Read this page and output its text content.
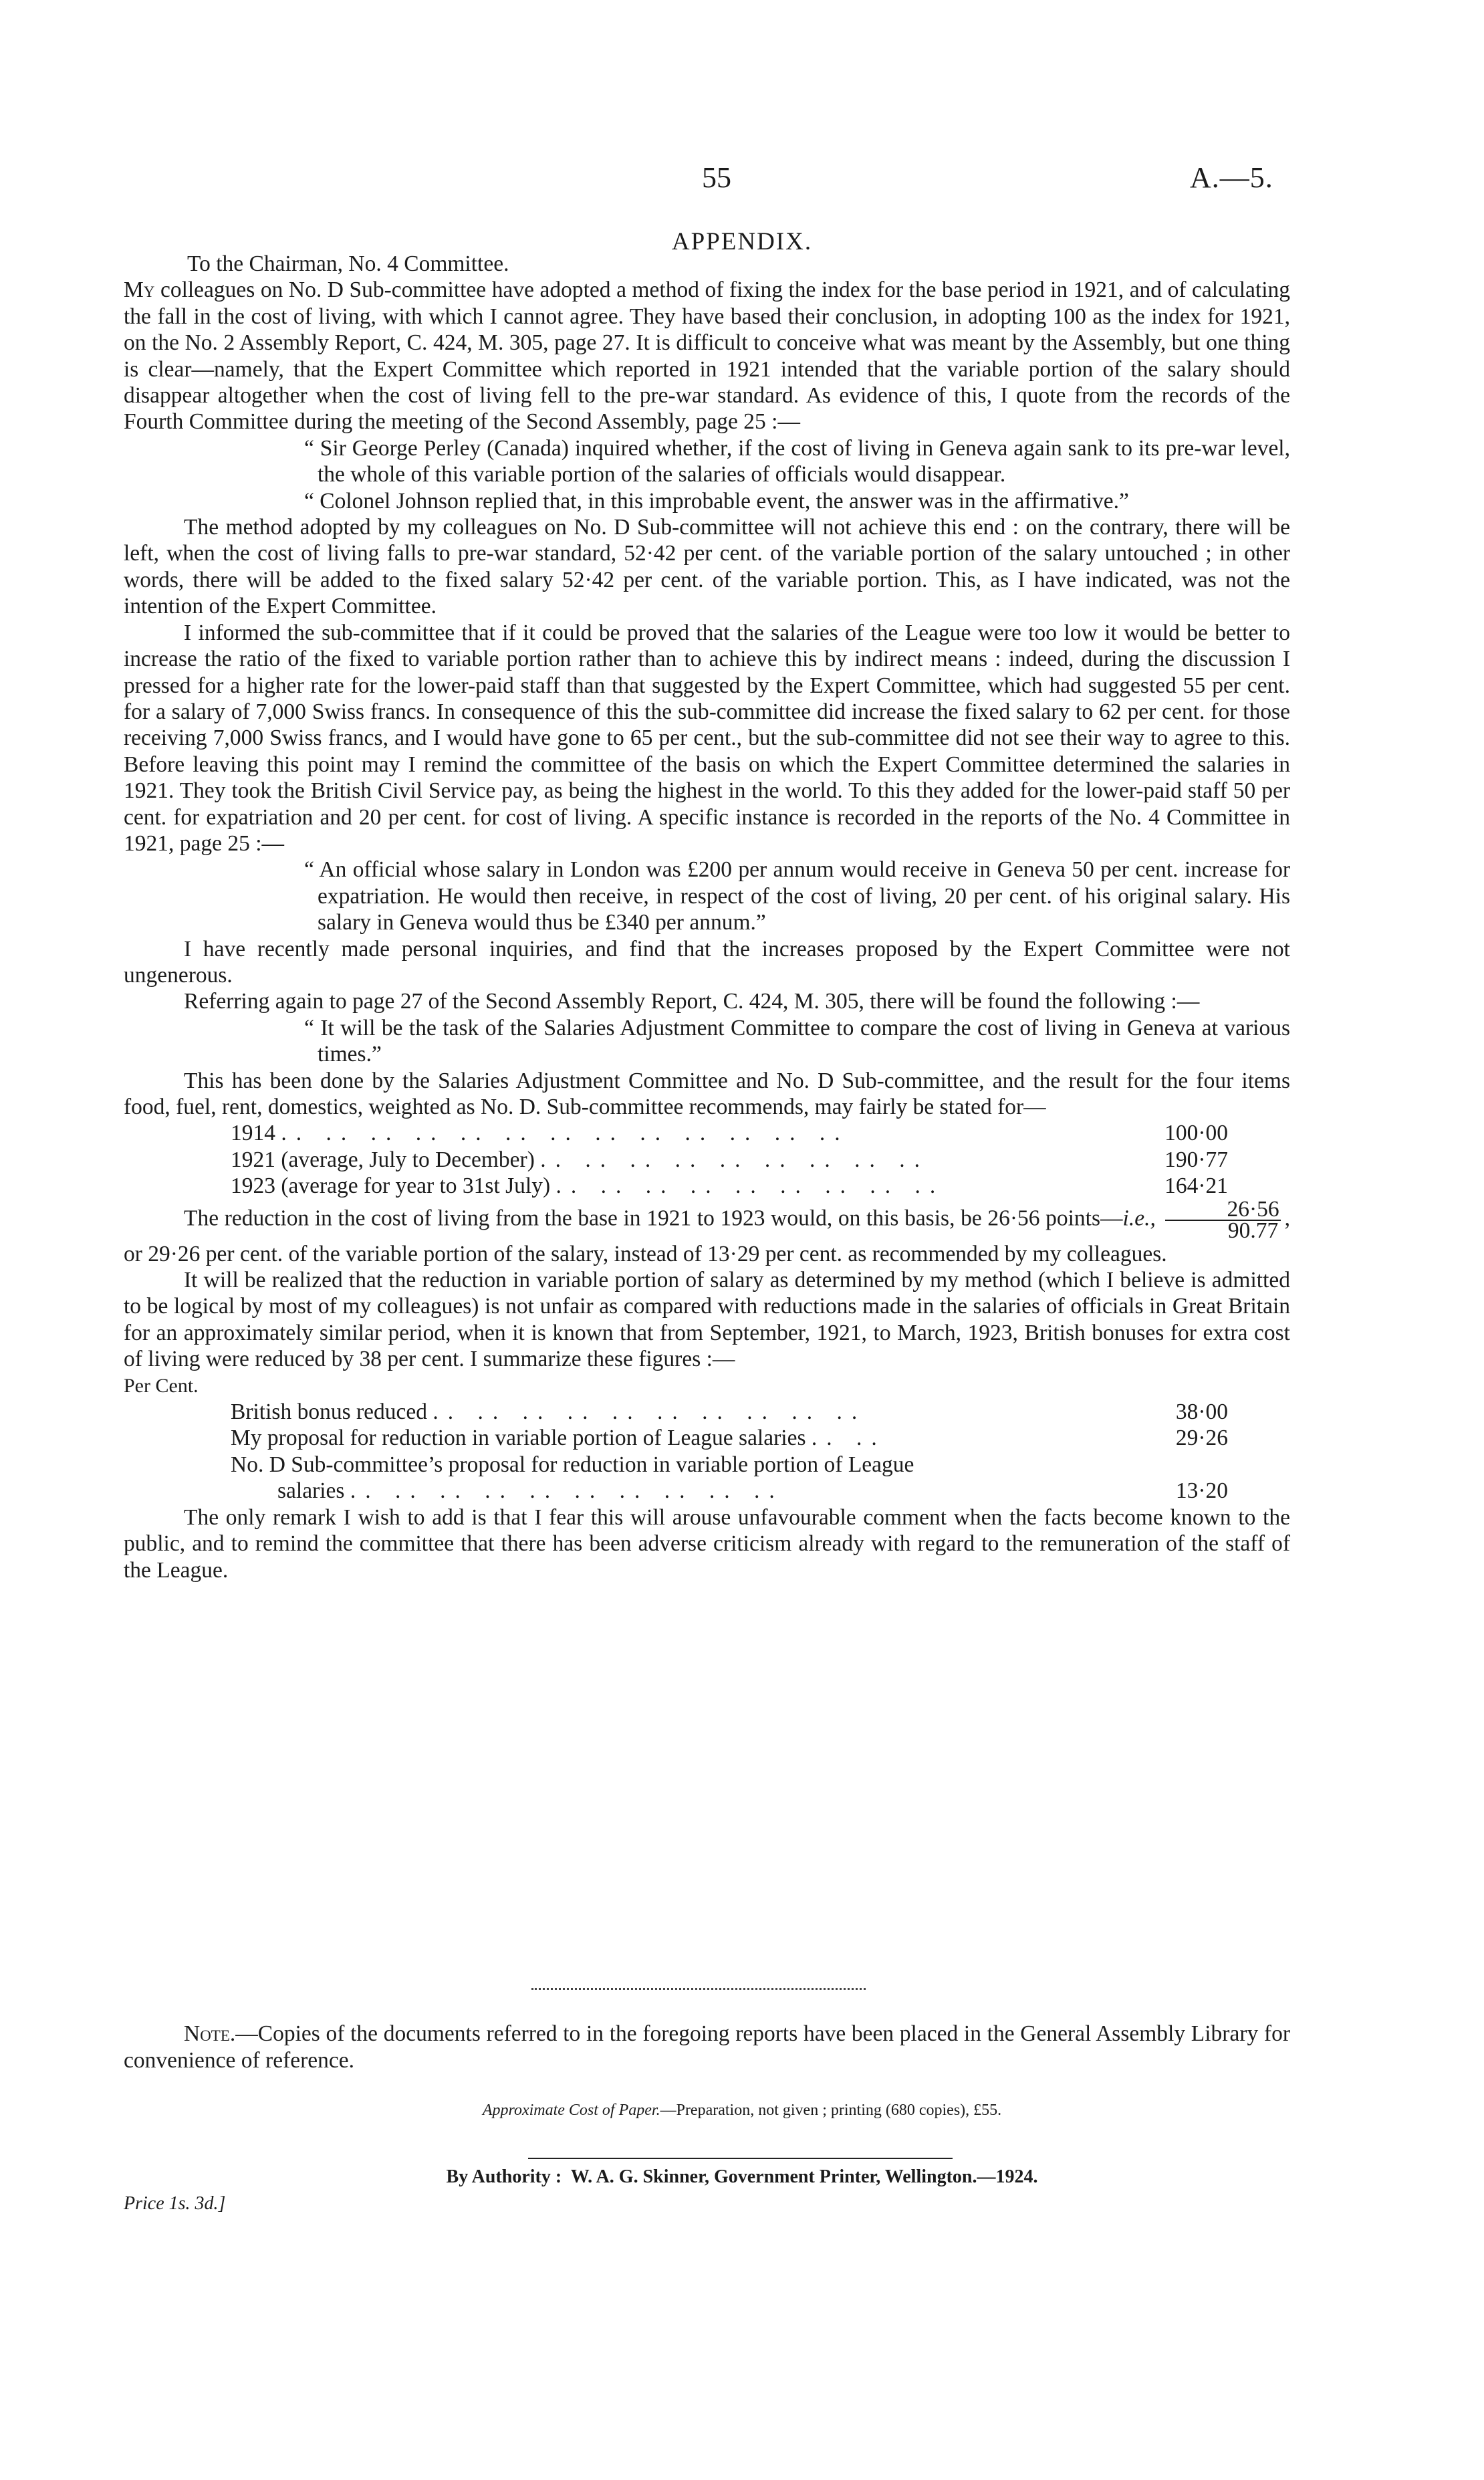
55	A.—5.
APPENDIX.

To the Chairman, No. 4 Committee.

My colleagues on No. D Sub-committee have adopted a method of fixing the index for the base period in 1921, and of calculating the fall in the cost of living, with which I cannot agree. They have based their conclusion, in adopting 100 as the index for 1921, on the No. 2 Assembly Report, C. 424, M. 305, page 27. It is difficult to conceive what was meant by the Assembly, but one thing is clear—namely, that the Expert Committee which reported in 1921 intended that the variable portion of the salary should disappear altogether when the cost of living fell to the pre-war standard. As evidence of this, I quote from the records of the Fourth Committee during the meeting of the Second Assembly, page 25 :—

“ Sir George Perley (Canada) inquired whether, if the cost of living in Geneva again sank to its pre-war level, the whole of this variable portion of the salaries of officials would disappear.

“ Colonel Johnson replied that, in this improbable event, the answer was in the affirmative.”

The method adopted by my colleagues on No. D Sub-committee will not achieve this end : on the contrary, there will be left, when the cost of living falls to pre-war standard, 52·42 per cent. of the variable portion of the salary untouched ; in other words, there will be added to the fixed salary 52·42 per cent. of the variable portion. This, as I have indicated, was not the intention of the Expert Committee.

I informed the sub-committee that if it could be proved that the salaries of the League were too low it would be better to increase the ratio of the fixed to variable portion rather than to achieve this by indirect means : indeed, during the discussion I pressed for a higher rate for the lower-paid staff than that suggested by the Expert Committee, which had suggested 55 per cent. for a salary of 7,000 Swiss francs. In consequence of this the sub-committee did increase the fixed salary to 62 per cent. for those receiving 7,000 Swiss francs, and I would have gone to 65 per cent., but the sub-committee did not see their way to agree to this. Before leaving this point may I remind the committee of the basis on which the Expert Committee determined the salaries in 1921. They took the British Civil Service pay, as being the highest in the world. To this they added for the lower-paid staff 50 per cent. for expatriation and 20 per cent. for cost of living. A specific instance is recorded in the reports of the No. 4 Committee in 1921, page 25 :—

“ An official whose salary in London was £200 per annum would receive in Geneva 50 per cent. increase for expatriation. He would then receive, in respect of the cost of living, 20 per cent. of his original salary. His salary in Geneva would thus be £340 per annum.”

I have recently made personal inquiries, and find that the increases proposed by the Expert Committee were not ungenerous.

Referring again to page 27 of the Second Assembly Report, C. 424, M. 305, there will be found the following :—

“ It will be the task of the Salaries Adjustment Committee to compare the cost of living in Geneva at various times.”

This has been done by the Salaries Adjustment Committee and No. D Sub-committee, and the result for the four items food, fuel, rent, domestics, weighted as No. D. Sub-committee recommends, may fairly be stated for—

1914 .. .. .. .. .. .. .. .. .. .. .. .. ..	100·00
1921 (average, July to December) .. .. .. .. .. .. .. .. ..	190·77
1923 (average for year to 31st July) .. .. .. .. .. .. .. .. ..	164·21

The reduction in the cost of living from the base in 1921 to 1923 would, on this basis, be 26·56 points—i.e., $\frac{26\cdot 56}{90.77}$ , or 29·26 per cent. of the variable portion of the salary, instead of 13·29 per cent. as recommended by my colleagues.

It will be realized that the reduction in variable portion of salary as determined by my method (which I believe is admitted to be logical by most of my colleagues) is not unfair as compared with reductions made in the salaries of officials in Great Britain for an approximately similar period, when it is known that from September, 1921, to March, 1923, British bonuses for extra cost of living were reduced by 38 per cent. I summarize these figures :—

Per Cent.

British bonus reduced .. .. .. .. .. .. .. .. .. ..	38·00
My proposal for reduction in variable portion of League salaries .. ..	29·26
No. D Sub-committee’s proposal for reduction in variable portion of League	
salaries .. .. .. .. .. .. .. .. .. ..	13·20

The only remark I wish to add is that I fear this will arouse unfavourable comment when the facts become known to the public, and to remind the committee that there has been adverse criticism already with regard to the remuneration of the staff of the League.

Note.—Copies of the documents referred to in the foregoing reports have been placed in the General Assembly Library for convenience of reference.

Approximate Cost of Paper.—Preparation, not given ; printing (680 copies), £55.
By Authority : W. A. G. Skinner, Government Printer, Wellington.—1924.
Price 1s. 3d.]
